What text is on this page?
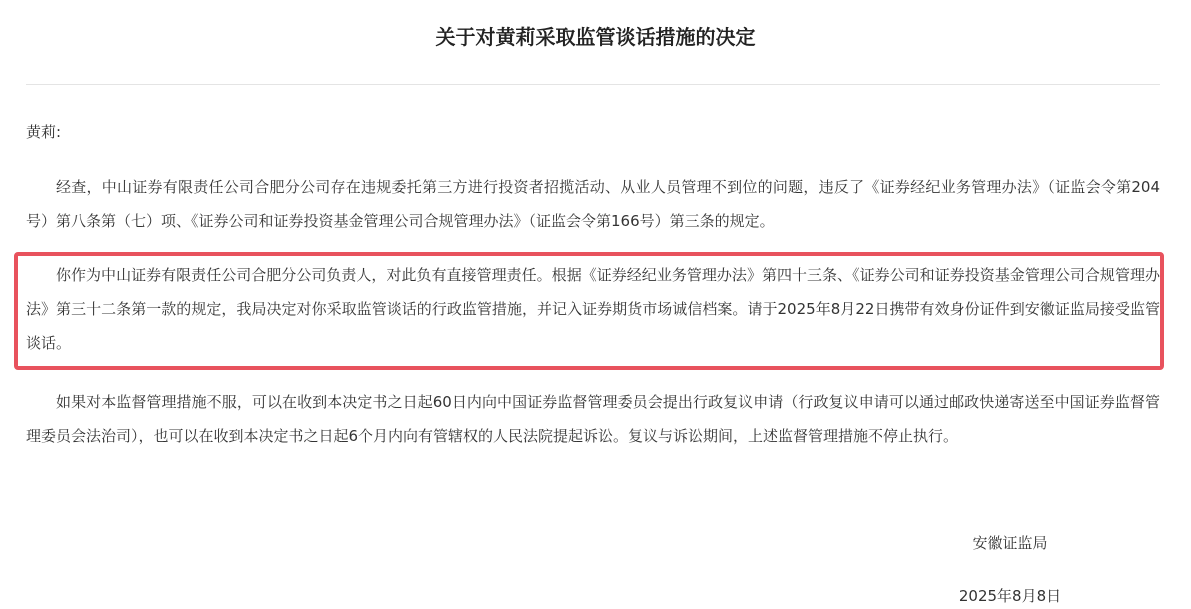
关于对黄莉采取监管谈话措施的决定

黄莉:

经查，中山证券有限责任公司合肥分公司存在违规委托第三方进行投资者招揽活动、从业人员管理不到位的问题，违反了《证券经纪业务管理办法》（证监会令第204号）第八条第（七）项、《证券公司和证券投资基金管理公司合规管理办法》（证监会令第166号）第三条的规定。

你作为中山证券有限责任公司合肥分公司负责人，对此负有直接管理责任。根据《证券经纪业务管理办法》第四十三条、《证券公司和证券投资基金管理公司合规管理办法》第三十二条第一款的规定，我局决定对你采取监管谈话的行政监管措施，并记入证券期货市场诚信档案。请于2025年8月22日携带有效身份证件到安徽证监局接受监管谈话。

如果对本监督管理措施不服，可以在收到本决定书之日起60日内向中国证券监督管理委员会提出行政复议申请（行政复议申请可以通过邮政快递寄送至中国证券监督管理委员会法治司），也可以在收到本决定书之日起6个月内向有管辖权的人民法院提起诉讼。复议与诉讼期间，上述监督管理措施不停止执行。

安徽证监局

2025年8月8日
